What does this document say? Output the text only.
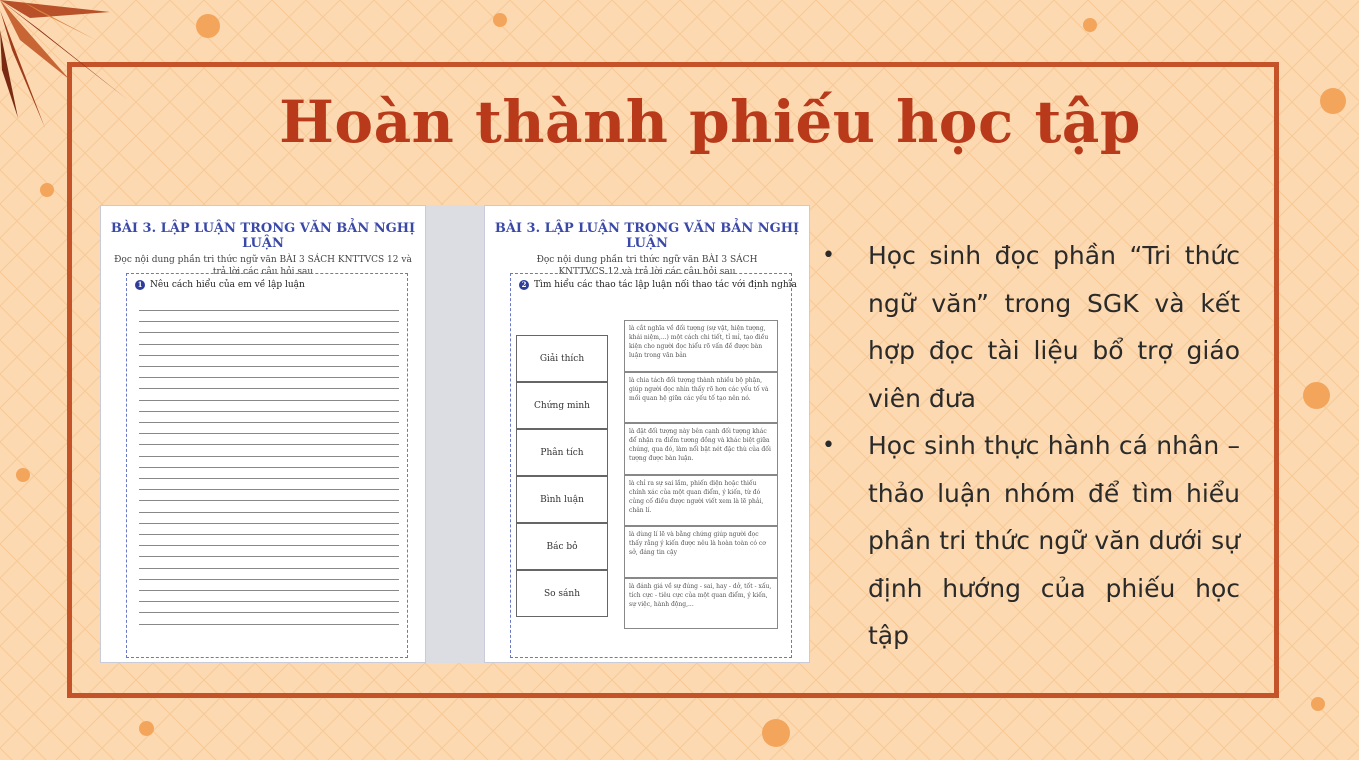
Hoàn thành phiếu học tập
BÀI 3. LẬP LUẬN TRONG VĂN BẢN NGHỊ LUẬN
Đọc nội dung phần tri thức ngữ văn BÀI 3 SÁCH KNTTVCS 12 và trả lời các câu hỏi sau
1 Nêu cách hiểu của em về lập luận
BÀI 3. LẬP LUẬN TRONG VĂN BẢN NGHỊ LUẬN
Đọc nội dung phần tri thức ngữ văn BÀI 3 SÁCH KNTTVCS 12 và trả lời các câu hỏi sau
2 Tìm hiểu các thao tác lập luận nối thao tác với định nghĩa
Giải thích
Chứng minh
Phân tích
Bình luận
Bác bỏ
So sánh
là cắt nghĩa về đối tượng (sự vật, hiện tượng, khái niệm,...) một cách chi tiết, tỉ mỉ, tạo điều kiện cho người đọc hiểu rõ vấn đề được bàn luận trong văn bản
là chia tách đối tượng thành nhiều bộ phận, giúp người đọc nhìn thấy rõ hơn các yếu tố và mối quan hệ giữa các yếu tố tạo nên nó.
là đặt đối tượng này bên cạnh đối tượng khác để nhận ra điểm tương đồng và khác biệt giữa chúng, qua đó, làm nổi bật nét đặc thù của đối tượng được bàn luận.
là chỉ ra sự sai lầm, phiến diện hoặc thiếu chính xác của một quan điểm, ý kiến, từ đó củng cố điều được người viết xem là lẽ phải, chân lí.
là dùng lí lẽ và bằng chứng giúp người đọc thấy rằng ý kiến được nêu là hoàn toàn có cơ sở, đáng tin cậy
là đánh giá về sự đúng - sai, hay - dở, tốt - xấu, tích cực - tiêu cực của một quan điểm, ý kiến, sự việc, hành động,...
• Học sinh đọc phần “Tri thức ngữ văn” trong SGK và kết hợp đọc tài liệu bổ trợ giáo viên đưa
• Học sinh thực hành cá nhân – thảo luận nhóm để tìm hiểu phần tri thức ngữ văn dưới sự định hướng của phiếu học tập
